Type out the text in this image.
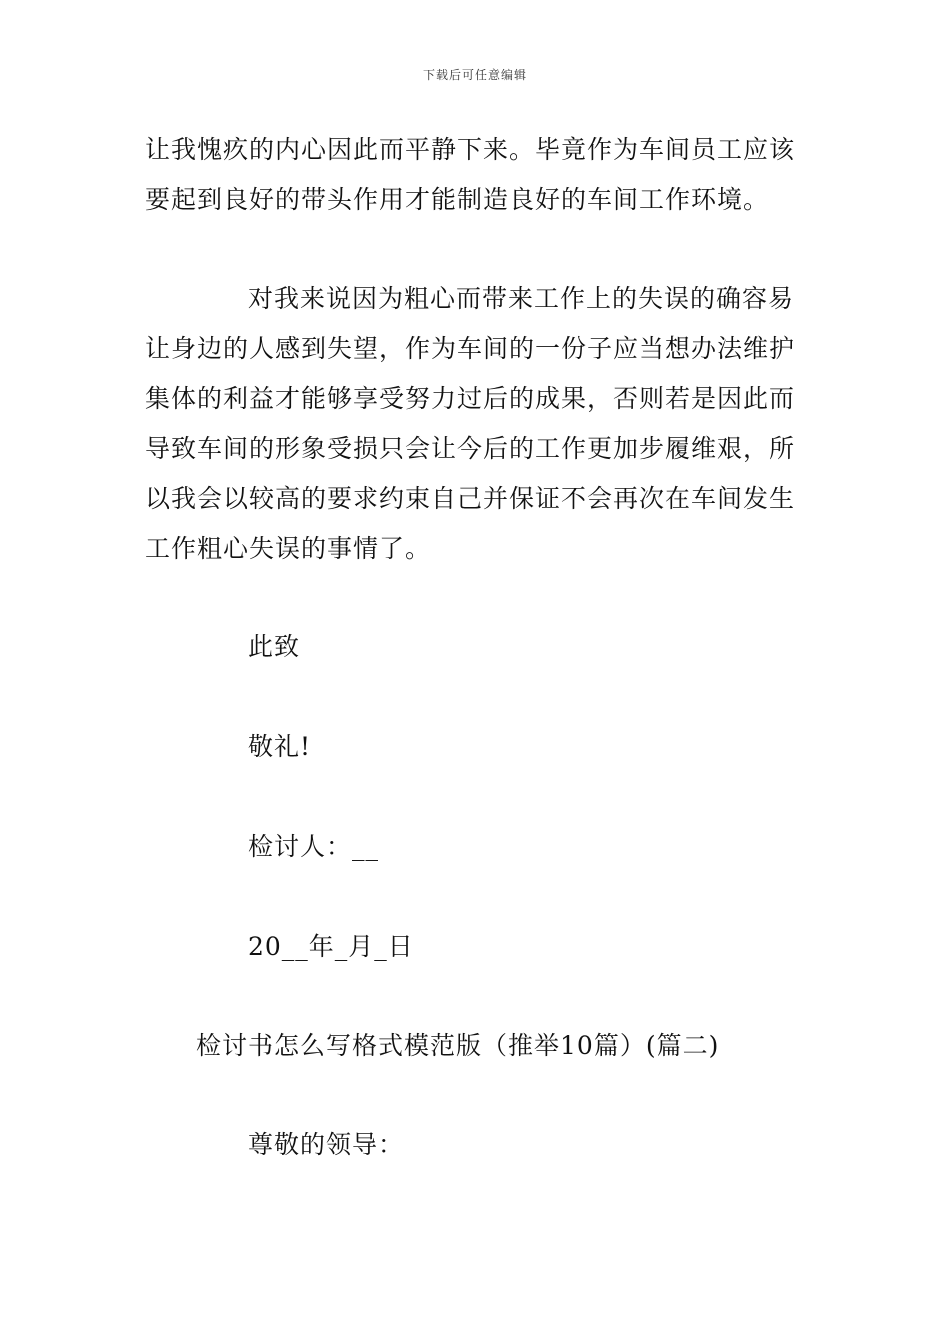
下载后可任意编辑
让我愧疚的内心因此而平静下来。毕竟作为车间员工应该
要起到良好的带头作用才能制造良好的车间工作环境。
对我来说因为粗心而带来工作上的失误的确容易
让身边的人感到失望，作为车间的一份子应当想办法维护
集体的利益才能够享受努力过后的成果，否则若是因此而
导致车间的形象受损只会让今后的工作更加步履维艰，所
以我会以较高的要求约束自己并保证不会再次在车间发生
工作粗心失误的事情了。
此致
敬礼!
检讨人：__
20__年_月_日
检讨书怎么写格式模范版（推举10篇）(篇二)
尊敬的领导：
